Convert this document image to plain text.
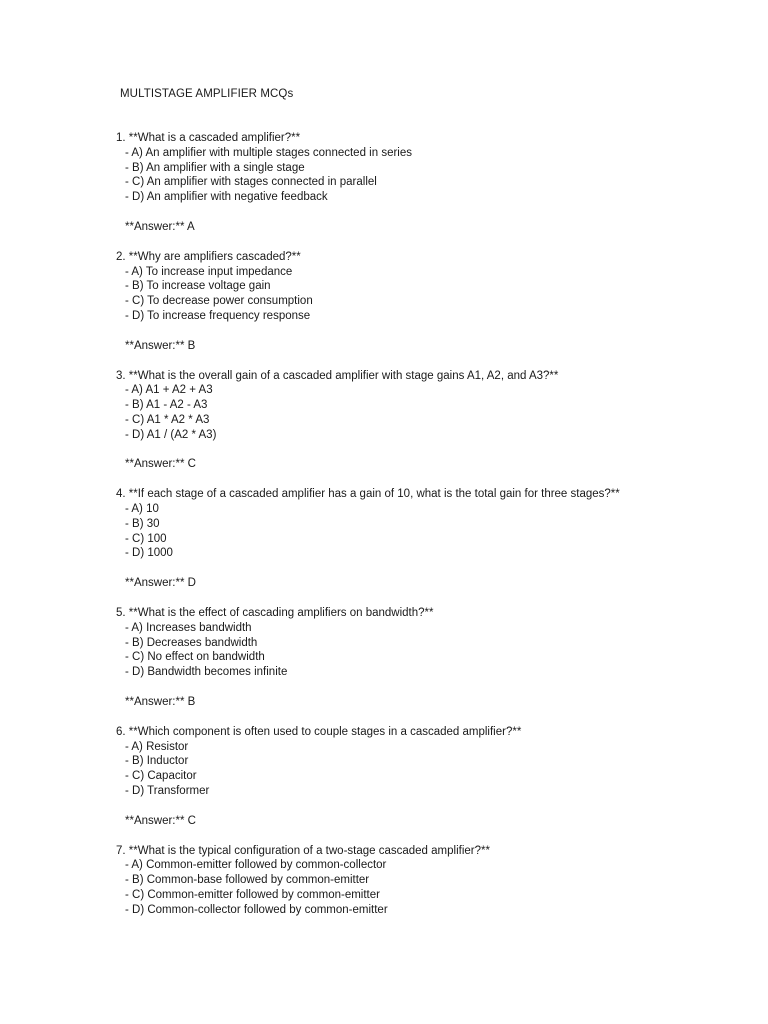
MULTISTAGE AMPLIFIER MCQs
1. **What is a cascaded amplifier?**
- A) An amplifier with multiple stages connected in series
- B) An amplifier with a single stage
- C) An amplifier with stages connected in parallel
- D) An amplifier with negative feedback
**Answer:** A
2. **Why are amplifiers cascaded?**
- A) To increase input impedance
- B) To increase voltage gain
- C) To decrease power consumption
- D) To increase frequency response
**Answer:** B
3. **What is the overall gain of a cascaded amplifier with stage gains A1, A2, and A3?**
- A) A1 + A2 + A3
- B) A1 - A2 - A3
- C) A1 * A2 * A3
- D) A1 / (A2 * A3)
**Answer:** C
4. **If each stage of a cascaded amplifier has a gain of 10, what is the total gain for three stages?**
- A) 10
- B) 30
- C) 100
- D) 1000
**Answer:** D
5. **What is the effect of cascading amplifiers on bandwidth?**
- A) Increases bandwidth
- B) Decreases bandwidth
- C) No effect on bandwidth
- D) Bandwidth becomes infinite
**Answer:** B
6. **Which component is often used to couple stages in a cascaded amplifier?**
- A) Resistor
- B) Inductor
- C) Capacitor
- D) Transformer
**Answer:** C
7. **What is the typical configuration of a two-stage cascaded amplifier?**
- A) Common-emitter followed by common-collector
- B) Common-base followed by common-emitter
- C) Common-emitter followed by common-emitter
- D) Common-collector followed by common-emitter
